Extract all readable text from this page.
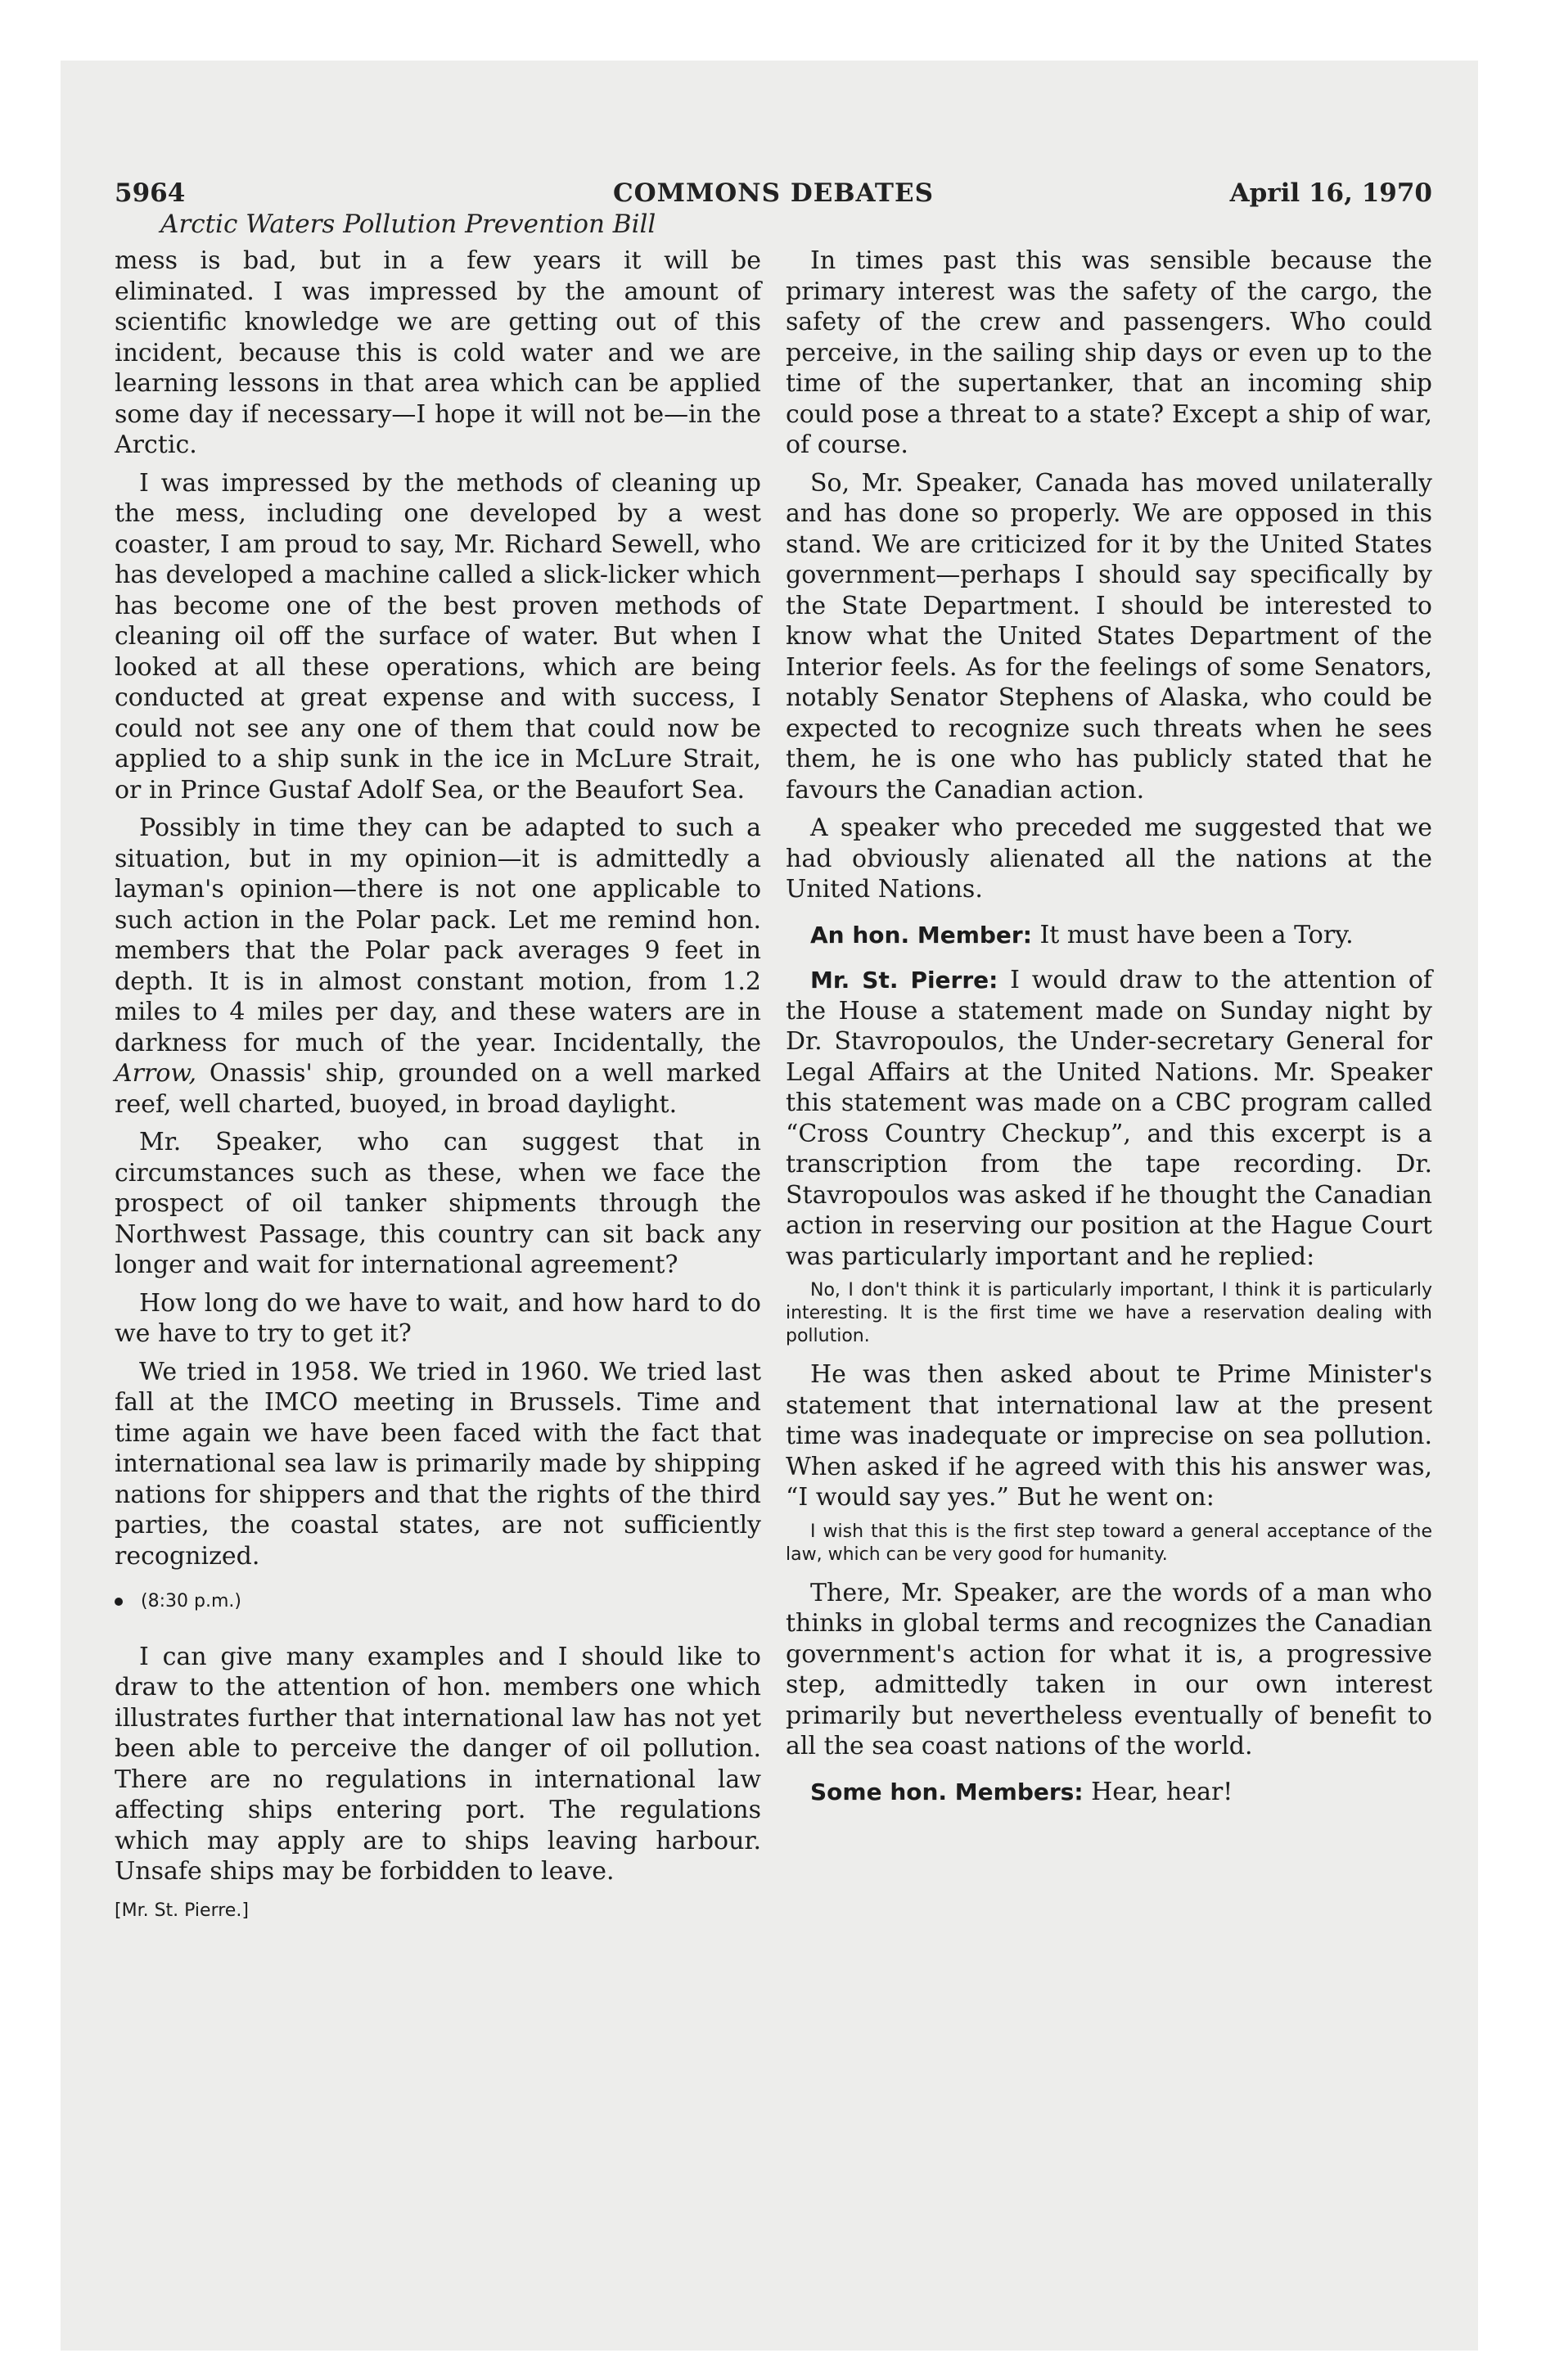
5964	COMMONS DEBATES	April 16, 1970
Arctic Waters Pollution Prevention Bill

mess is bad, but in a few years it will be eliminated. I was impressed by the amount of scientific knowledge we are getting out of this incident, because this is cold water and we are learning lessons in that area which can be applied some day if necessary—I hope it will not be—in the Arctic.

I was impressed by the methods of cleaning up the mess, including one developed by a west coaster, I am proud to say, Mr. Richard Sewell, who has developed a machine called a slick-licker which has become one of the best proven methods of cleaning oil off the surface of water. But when I looked at all these operations, which are being conducted at great expense and with success, I could not see any one of them that could now be applied to a ship sunk in the ice in McLure Strait, or in Prince Gustaf Adolf Sea, or the Beaufort Sea.

Possibly in time they can be adapted to such a situation, but in my opinion—it is admittedly a layman's opinion—there is not one applicable to such action in the Polar pack. Let me remind hon. members that the Polar pack averages 9 feet in depth. It is in almost constant motion, from 1.2 miles to 4 miles per day, and these waters are in darkness for much of the year. Incidentally, the Arrow, Onassis' ship, grounded on a well marked reef, well charted, buoyed, in broad daylight.

Mr. Speaker, who can suggest that in circumstances such as these, when we face the prospect of oil tanker shipments through the Northwest Passage, this country can sit back any longer and wait for international agreement?

How long do we have to wait, and how hard to do we have to try to get it?

We tried in 1958. We tried in 1960. We tried last fall at the IMCO meeting in Brussels. Time and time again we have been faced with the fact that international sea law is primarily made by shipping nations for shippers and that the rights of the third parties, the coastal states, are not sufficiently recognized.

(8:30 p.m.)

I can give many examples and I should like to draw to the attention of hon. members one which illustrates further that international law has not yet been able to perceive the danger of oil pollution. There are no regulations in international law affecting ships entering port. The regulations which may apply are to ships leaving harbour. Unsafe ships may be forbidden to leave.

[Mr. St. Pierre.]

In times past this was sensible because the primary interest was the safety of the cargo, the safety of the crew and passengers. Who could perceive, in the sailing ship days or even up to the time of the supertanker, that an incoming ship could pose a threat to a state? Except a ship of war, of course.

So, Mr. Speaker, Canada has moved unilaterally and has done so properly. We are opposed in this stand. We are criticized for it by the United States government—perhaps I should say specifically by the State Department. I should be interested to know what the United States Department of the Interior feels. As for the feelings of some Senators, notably Senator Stephens of Alaska, who could be expected to recognize such threats when he sees them, he is one who has publicly stated that he favours the Canadian action.

A speaker who preceded me suggested that we had obviously alienated all the nations at the United Nations.

An hon. Member: It must have been a Tory.

Mr. St. Pierre: I would draw to the attention of the House a statement made on Sunday night by Dr. Stavropoulos, the Under-secretary General for Legal Affairs at the United Nations. Mr. Speaker this statement was made on a CBC program called “Cross Country Checkup”, and this excerpt is a transcription from the tape recording. Dr. Stavropoulos was asked if he thought the Canadian action in reserving our position at the Hague Court was particularly important and he replied:

No, I don't think it is particularly important, I think it is particularly interesting. It is the first time we have a reservation dealing with pollution.

He was then asked about te Prime Minister's statement that international law at the present time was inadequate or imprecise on sea pollution. When asked if he agreed with this his answer was, “I would say yes.” But he went on:

I wish that this is the first step toward a general acceptance of the law, which can be very good for humanity.

There, Mr. Speaker, are the words of a man who thinks in global terms and recognizes the Canadian government's action for what it is, a progressive step, admittedly taken in our own interest primarily but nevertheless eventually of benefit to all the sea coast nations of the world.

Some hon. Members: Hear, hear!
